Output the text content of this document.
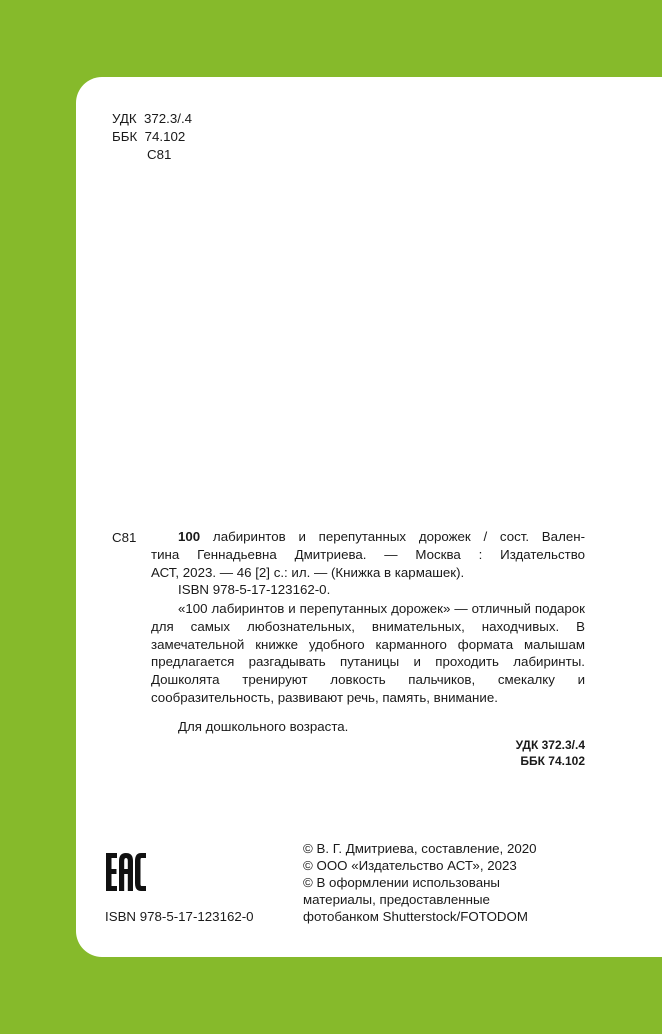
УДК 372.3/.4
ББК 74.102
С81
С81	100 лабиринтов и перепутанных дорожек / сост. Вален-
тина Геннадьевна Дмитриева. — Москва : Издательство
АСТ, 2023. — 46 [2] с.: ил. — (Книжка в кармашек).
ISBN 978-5-17-123162-0.

«100 лабиринтов и перепутанных дорожек» — отличный подарок для самых любознательных, внимательных, находчивых. В замечательной книжке удобного карманного формата малышам предлагается разгадывать путаницы и проходить лабиринты. Дошколята тренируют ловкость пальчиков, смекалку и сообразительность, развивают речь, память, внимание.

Для дошкольного возраста.
УДК 372.3/.4
ББК 74.102
ISBN 978-5-17-123162-0
© В. Г. Дмитриева, составление, 2020
© ООО «Издательство АСТ», 2023
© В оформлении использованы
материалы, предоставленные
фотобанком Shutterstock/FOTODOM
